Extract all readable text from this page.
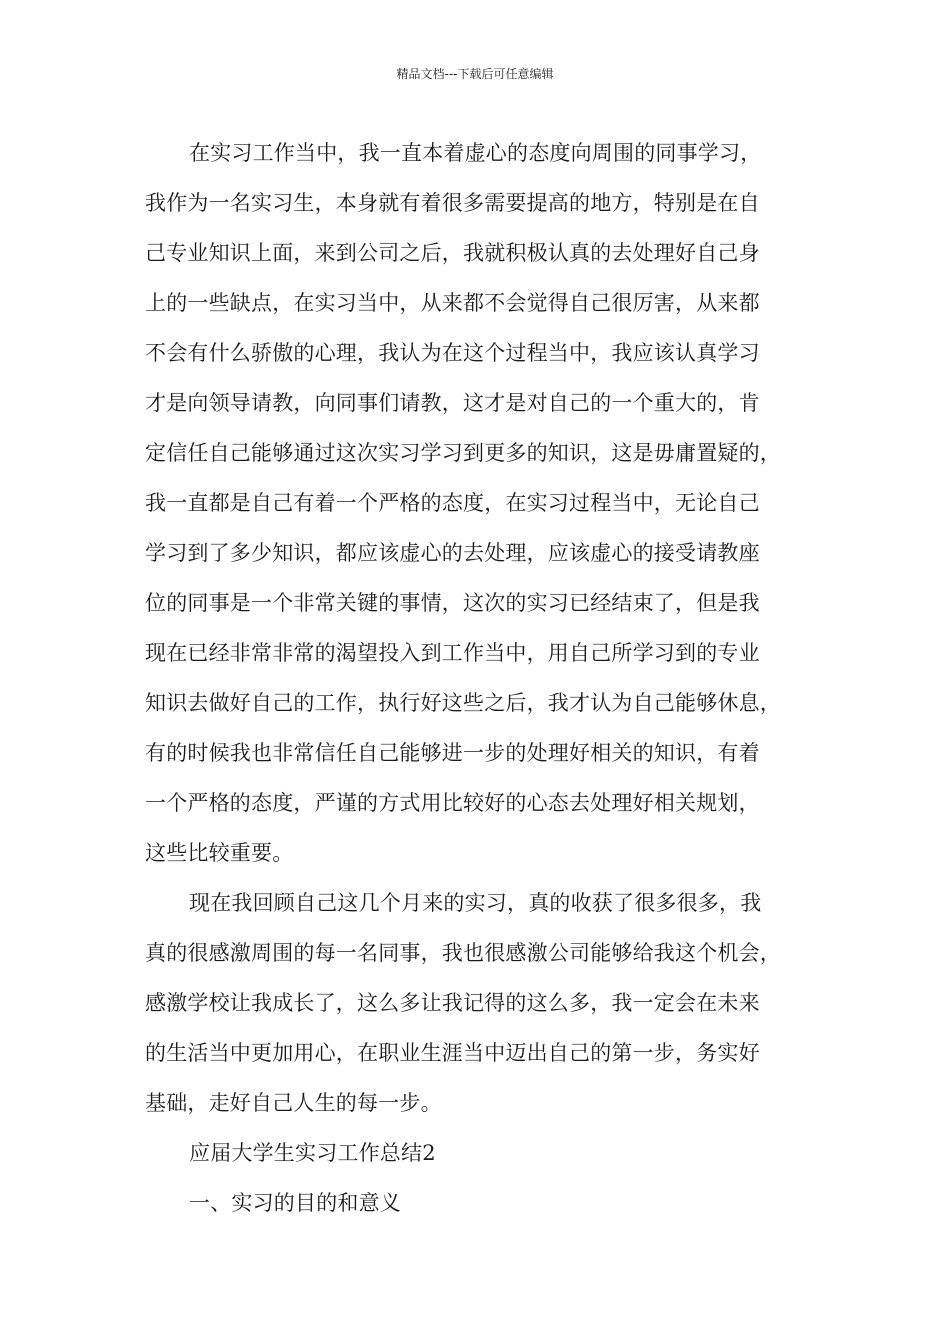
精品文档---下载后可任意编辑
在实习工作当中，我一直本着虚心的态度向周围的同事学习，
我作为一名实习生，本身就有着很多需要提高的地方，特别是在自
己专业知识上面，来到公司之后，我就积极认真的去处理好自己身
上的一些缺点，在实习当中，从来都不会觉得自己很厉害，从来都
不会有什么骄傲的心理，我认为在这个过程当中，我应该认真学习
才是向领导请教，向同事们请教，这才是对自己的一个重大的，肯
定信任自己能够通过这次实习学习到更多的知识，这是毋庸置疑的，
我一直都是自己有着一个严格的态度，在实习过程当中，无论自己
学习到了多少知识，都应该虚心的去处理，应该虚心的接受请教座
位的同事是一个非常关键的事情，这次的实习已经结束了，但是我
现在已经非常非常的渴望投入到工作当中，用自己所学习到的专业
知识去做好自己的工作，执行好这些之后，我才认为自己能够休息，
有的时候我也非常信任自己能够进一步的处理好相关的知识，有着
一个严格的态度，严谨的方式用比较好的心态去处理好相关规划，
这些比较重要。
现在我回顾自己这几个月来的实习，真的收获了很多很多，我
真的很感激周围的每一名同事，我也很感激公司能够给我这个机会，
感激学校让我成长了，这么多让我记得的这么多，我一定会在未来
的生活当中更加用心，在职业生涯当中迈出自己的第一步，务实好
基础，走好自己人生的每一步。
应届大学生实习工作总结2
一、实习的目的和意义
